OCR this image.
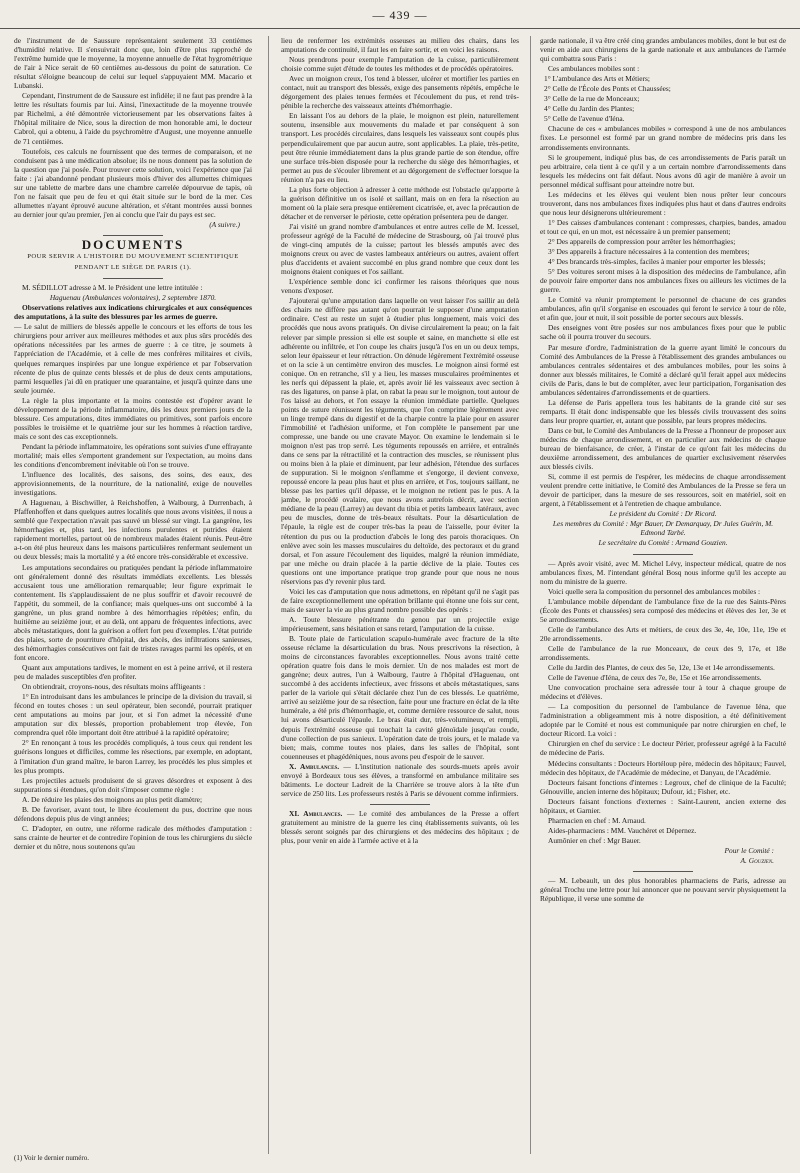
— 439 —

de l'instrument de de Saussure représentaient seulement 33 centièmes d'humidité relative. Il s'ensuivrait donc que, loin d'être plus rapproché de l'extrême humide que le moyenne, la moyenne annuelle de l'état hygrométrique de l'air à Nice serait de 60 centièmes au-dessous du point de saturation. Ce résultat s'éloigne beaucoup de celui sur lequel s'appuyaient MM. Macario et Lubanski.

Cependant, l'instrument de de Saussure est infidèle; il ne faut pas prendre à la lettre les résultats fournis par lui. Ainsi, l'inexactitude de la moyenne trouvée par Richelmi, a été démontrée victorieusement par les observations faites à l'hôpital militaire de Nice, sous la direction de mon honorable ami, le docteur Cabrol, qui a obtenu, à l'aide du psychromètre d'August, une moyenne annuelle de 71 centièmes.

Toutefois, ces calculs ne fournissent que des termes de comparaison, et ne conduisent pas à une médication absolue; ils ne nous donnent pas la solution de la question que j'ai posée. Pour trouver cette solution, voici l'expérience que j'ai faite : j'ai abandonné pendant plusieurs mois d'hiver des allumettes chimiques sur une tablette de marbre dans une chambre carrelée dépourvue de tapis, où l'on ne faisait que peu de feu et qui était située sur le bord de la mer. Ces allumettes n'ayant éprouvé aucune altération, et s'étant montrées aussi bonnes au dernier jour qu'au premier, j'en ai conclu que l'air du pays est sec.

(A suivre.)

DOCUMENTS
POUR SERVIR A L'HISTOIRE DU MOUVEMENT SCIENTIFIQUE
PENDANT LE SIÈGE DE PARIS (1).

M. SÉDILLOT adresse à M. le Président une lettre intitulée :

Haguenau (Ambulances volontaires), 2 septembre 1870.

Observations relatives aux indications chirurgicales et aux conséquences des amputations, à la suite des blessures par les armes de guerre.

— Le salut de milliers de blessés appelle le concours et les efforts de tous les chirurgiens pour arriver aux meilleures méthodes et aux plus sûrs procédés des opérations nécessitées par les armes de guerre : à ce titre, je soumets à l'appréciation de l'Académie, et à celle de mes confrères militaires et civils, quelques remarques inspirées par une longue expérience et par l'observation récente de plus de quinze cents blessés et de plus de deux cents amputations, parmi lesquelles j'ai dû en pratiquer une quarantaine, et jusqu'à quinze dans une seule journée.

La règle la plus importante et la moins contestée est d'opérer avant le développement de la période inflammatoire, dès les deux premiers jours de la blessure. Ces amputations, dites immédiates ou primitives, sont parfois encore possibles le troisième et le quatrième jour sur les hommes à réaction tardive, mais ce sont des cas exceptionnels.

Pendant la période inflammatoire, les opérations sont suivies d'une effrayante mortalité; mais elles s'emportent grandement sur l'expectation, au moins dans les conditions d'encombrement inévitable où l'on se trouve.

L'influence des localités, des saisons, des soins, des eaux, des approvisionnements, de la nourriture, de la nationalité, exige de nouvelles investigations.

A Haguenau, à Bischwiller, à Reichshoffen, à Walbourg, à Durrenbach, à Pfaffenhoffen et dans quelques autres localités que nous avons visitées, il nous a semblé que l'expectation n'avait pas sauvé un blessé sur vingt. La gangrène, les hémorrhagies et, plus tard, les infections purulentes et putrides étaient rapidement mortelles, partout où de nombreux malades étaient réunis. Peut-être a-t-on été plus heureux dans les maisons particulières renfermant seulement un ou deux blessés; mais la mortalité y a été encore très-considérable et excessive.

Les amputations secondaires ou pratiquées pendant la période inflammatoire ont généralement donné des résultats immédiats excellents. Les blessés accusaient tous une amélioration remarquable; leur figure exprimait le contentement. Ils s'applaudissaient de ne plus souffrir et d'avoir recouvré de l'appétit, du sommeil, de la confiance; mais quelques-uns ont succombé à la gangrène, un plus grand nombre à des hémorrhagies répétées; enfin, du huitième au seizième jour, et au delà, ont apparu de fréquentes infections, avec abcès métastatiques, dont la guérison a offert fort peu d'exemples. L'état putride des plaies, sorte de pourriture d'hôpital, des abcès, des infiltrations sanieuses, des hémorrhagies consécutives ont fait de tristes ravages parmi les opérés, et en font encore.

Quant aux amputations tardives, le moment en est à peine arrivé, et il restera peu de malades susceptibles d'en profiter.

On obtiendrait, croyons-nous, des résultats moins affligeants :

1° En introduisant dans les ambulances le principe de la division du travail, si fécond en toutes choses : un seul opérateur, bien secondé, pourrait pratiquer cent amputations au moins par jour, et si l'on admet la nécessité d'une amputation sur dix blessés, proportion probablement trop élevée, l'on comprendra quel rôle important doit être attribué à la rapidité opératoire;

2° En renonçant à tous les procédés compliqués, à tous ceux qui rendent les guérisons longues et difficiles, comme les résections, par exemple, en adoptant, à l'imitation d'un grand maître, le baron Larrey, les procédés les plus simples et les plus prompts.

Les projectiles actuels produisent de si graves désordres et exposent à des suppurations si étendues, qu'on doit s'imposer comme règle :

A. De réduire les plaies des moignons au plus petit diamètre;

B. De favoriser, avant tout, le libre écoulement du pus, doctrine que nous défendons depuis plus de vingt années;

C. D'adopter, en outre, une réforme radicale des méthodes d'amputation : sans crainte de heurter et de contredire l'opinion de tous les chirurgiens du siècle dernier et du nôtre, nous soutenons qu'au

(1) Voir le dernier numéro.

lieu de renfermer les extrémités osseuses au milieu des chairs, dans les amputations de continuité, il faut les en faire sortir, et en voici les raisons.

Nous prendrons pour exemple l'amputation de la cuisse, particulièrement choisie comme sujet d'étude de toutes les méthodes et de procédés opératoires.

Avec un moignon creux, l'os tend à blesser, ulcérer et mortifier les parties en contact, nuit au transport des blessés, exige des pansements répétés, empêche le dégorgement des plaies tenues fermées et l'écoulement du pus, et rend très-pénible la recherche des vaisseaux atteints d'hémorrhagie.

En laissant l'os au dehors de la plaie, le moignon est plein, naturellement soutenu, insensible aux mouvements du malade et par conséquent à son transport. Les procédés circulaires, dans lesquels les vaisseaux sont coupés plus perpendiculairement que par aucun autre, sont applicables. La plaie, très-petite, peut être réunie immédiatement dans la plus grande partie de son étendue, offre une surface très-bien disposée pour la recherche du siège des hémorrhagies, et permet au pus de s'écouler librement et au dégorgement de s'effectuer lorsque la réunion n'a pas eu lieu.

La plus forte objection à adresser à cette méthode est l'obstacle qu'apporte à la guérison définitive un os isolé et saillant, mais on en fera la résection au moment où la plaie sera presque entièrement cicatrisée, et, avec la précaution de détacher et de renverser le périoste, cette opération présentera peu de danger.

J'ai visité un grand nombre d'ambulances et entre autres celle de M. Icessel, professeur agrégé de la Faculté de médecine de Strasbourg, où j'ai trouvé plus de vingt-cinq amputés de la cuisse; partout les blessés amputés avec des moignons creux ou avec de vastes lambeaux antérieurs ou autres, avaient offert plus d'accidents et avaient succombé en plus grand nombre que ceux dont les moignons étaient coniques et l'os saillant.

L'expérience semble donc ici confirmer les raisons théoriques que nous venons d'exposer.

J'ajouterai qu'une amputation dans laquelle on veut laisser l'os saillir au delà des chairs ne diffère pas autant qu'on pourrait le supposer d'une amputation ordinaire. C'est au reste un sujet à étudier plus longuement, mais voici des procédés que nous avons pratiqués. On divise circulairement la peau; on la fait relever par simple pression si elle est souple et saine, en manchette si elle est adhérente ou infiltrée, et l'on coupe les chairs jusqu'à l'os en un ou deux temps, selon leur épaisseur et leur rétraction. On dénude légèrement l'extrémité osseuse et on la scie à un centimètre environ des muscles. Le moignon ainsi formé est conique. On en retranche, s'il y a lieu, les masses musculaires proéminentes et les nerfs qui dépassent la plaie, et, après avoir lié les vaisseaux avec section à ras des ligatures, on panse à plat, on rabat la peau sur le moignon, tout autour de l'os laissé au dehors, et l'on essaye la réunion immédiate partielle. Quelques points de suture réunissent les téguments, que l'on comprime légèrement avec un linge trempé dans du digestif et de la charpie contre la plaie pour en assurer l'immobilité et l'adhésion uniforme, et l'on complète le pansement par une compresse, une bande ou une cravate Mayor. On examine le lendemain si le moignon n'est pas trop serré. Les téguments repoussés en arrière, et entraînés dans ce sens par la rétractilité et la contraction des muscles, se réunissent plus ou moins bien à la plaie et diminuent, par leur adhésion, l'étendue des surfaces de suppuration. Si le moignon s'enflamme et s'engorge, il devient convexe, repoussé encore la peau plus haut et plus en arrière, et l'os, toujours saillant, ne blesse pas les parties qu'il dépasse, et le moignon ne retient pas le pus. A la jambe, le procédé ovalaire, que nous avons autrefois décrit, avec section médiane de la peau (Larrey) au devant du tibia et petits lambeaux latéraux, avec peu de muscles, donne de très-beaux résultats. Pour la désarticulation de l'épaule, la règle est de couper très-bas la peau de l'aisselle, pour éviter la rétention du pus ou la production d'abcès le long des parois thoraciques. On enlève avec soin les masses musculaires du deltoïde, des pectoraux et du grand dorsal, et l'on assure l'écoulement des liquides, malgré la réunion immédiate, par une mèche ou drain placée à la partie déclive de la plaie. Toutes ces questions ont une importance pratique trop grande pour que nous ne nous réservions pas d'y revenir plus tard.

Voici les cas d'amputation que nous admettons, en répétant qu'il ne s'agit pas de faire exceptionnellement une opération brillante qui étonne une fois sur cent, mais de sauver la vie au plus grand nombre possible des opérés :

A. Toute blessure pénétrante du genou par un projectile exige impérieusement, sans hésitation et sans retard, l'amputation de la cuisse.

B. Toute plaie de l'articulation scapulo-humérale avec fracture de la tête osseuse réclame la désarticulation du bras. Nous prescrivons la résection, à moins de circonstances favorables exceptionnelles. Nous avons traité cette opération quatre fois dans le mois dernier. Un de nos malades est mort de gangrène; deux autres, l'un à Walbourg, l'autre à l'hôpital d'Haguenau, ont succombé à des accidents infectieux, avec frissons et abcès métastatiques, sans parler de la variole qui s'était déclarée chez l'un de ces blessés. Le quatrième, arrivé au seizième jour de sa résection, faite pour une fracture en éclat de la tête humérale, a été pris d'hémorrhagie, et, comme dernière ressource de salut, nous lui avons désarticulé l'épaule. Le bras était dur, très-volumineux, et rempli, depuis l'extrémité osseuse qui touchait la cavité glénoïdale jusqu'au coude, d'une collection de pus sanieux. L'opération date de trois jours, et le malade va bien; mais, comme toutes nos plaies, dans les salles de l'hôpital, sont couenneuses et phagédéniques, nous avons peu d'espoir de le sauver.

X. Ambulances. — L'institution nationale des sourds-muets après avoir envoyé à Bordeaux tous ses élèves, a transformé en ambulance militaire ses bâtiments. Le docteur Ladreit de la Charrière se trouve alors à la tête d'un service de 250 lits. Les professeurs restés à Paris se dévouent comme infirmiers.

XI. Ambulances. — Le comité des ambulances de la Presse a offert gratuitement au ministre de la guerre les cinq établissements suivants, où les blessés seront soignés par des chirurgiens et des médecins des hôpitaux ; de plus, pour venir en aide à l'armée active et à la

garde nationale, il va être créé cinq grandes ambulances mobiles, dont le but est de venir en aide aux chirurgiens de la garde nationale et aux ambulances de l'armée qui combattra sous Paris :

Ces ambulances mobiles sont :

1° L'ambulance des Arts et Métiers;

2° Celle de l'École des Ponts et Chaussées;

3° Celle de la rue de Monceaux;

4° Celle du Jardin des Plantes;

5° Celle de l'avenue d'Iéna.

Chacune de ces « ambulances mobiles » correspond à une de nos ambulances fixes. Le personnel est formé par un grand nombre de médecins pris dans les arrondissements environnants.

Si le groupement, indiqué plus bas, de ces arrondissements de Paris paraît un peu arbitraire, cela tient à ce qu'il y a un certain nombre d'arrondissements dans lesquels les médecins ont fait défaut. Nous avons dû agir de manière à avoir un personnel médical suffisant pour atteindre notre but.

Les médecins et les élèves qui veulent bien nous prêter leur concours trouveront, dans nos ambulances fixes indiquées plus haut et dans d'autres endroits que nous leur désignerons ultérieurement :

1° Des caisses d'ambulances contenant : compresses, charpies, bandes, amadou et tout ce qui, en un mot, est nécessaire à un premier pansement;

2° Des appareils de compression pour arrêter les hémorrhagies;

3° Des appareils à fracture nécessaires à la contention des membres;

4° Des brancards très-simples, faciles à manier pour emporter les blessés;

5° Des voitures seront mises à la disposition des médecins de l'ambulance, afin de pouvoir faire emporter dans nos ambulances fixes ou ailleurs les victimes de la guerre.

Le Comité va réunir promptement le personnel de chacune de ces grandes ambulances, afin qu'il s'organise en escouades qui feront le service à tour de rôle, et afin que, jour et nuit, il soit possible de porter secours aux blessés.

Des enseignes vont être posées sur nos ambulances fixes pour que le public sache où il pourra trouver du secours.

Par mesure d'ordre, l'administration de la guerre ayant limité le concours du Comité des Ambulances de la Presse à l'établissement des grandes ambulances ou ambulances centrales sédentaires et des ambulances mobiles, pour les soins à donner aux blessés militaires, le Comité a déclaré qu'il ferait appel aux médecins civils de Paris, dans le but de compléter, avec leur participation, l'organisation des ambulances sédentaires d'arrondissements et de quartiers.

La défense de Paris appellera tous les habitants de la grande cité sur ses remparts. Il était donc indispensable que les blessés civils trouvassent des soins dans leur propre quartier, et, autant que possible, par leurs propres médecins.

Dans ce but, le Comité des Ambulances de la Presse a l'honneur de proposer aux médecins de chaque arrondissement, et en particulier aux médecins de chaque bureau de bienfaisance, de créer, à l'instar de ce qu'ont fait les médecins du deuxième arrondissement, des ambulances de quartier exclusivement réservées aux blessés civils.

Si, comme il est permis de l'espérer, les médecins de chaque arrondissement veulent prendre cette initiative, le Comité des Ambulances de la Presse se fera un devoir de participer, dans la mesure de ses ressources, soit en matériel, soit en argent, à l'établissement et à l'entretien de chaque ambulance.

Le président du Comité : Dr Ricord.

Les membres du Comité : Mgr Bauer, Dr Demarquay, Dr Jules Guérin, M. Edmond Tarbé.

Le secrétaire du Comité : Armand Gouzien.

— Après avoir visité, avec M. Michel Lévy, inspecteur médical, quatre de nos ambulances fixes, M. l'intendant général Bosq nous informe qu'il les accepte au nom du ministre de la guerre.

Voici quelle sera la composition du personnel des ambulances mobiles :

L'ambulance mobile dépendant de l'ambulance fixe de la rue des Saints-Pères (École des Ponts et chaussées) sera composé des médecins et élèves des 1er, 3e et 5e arrondissements.

Celle de l'ambulance des Arts et métiers, de ceux des 3e, 4e, 10e, 11e, 19e et 20e arrondissements.

Celle de l'ambulance de la rue Monceaux, de ceux des 9, 17e, et 18e arrondissements.

Celle du Jardin des Plantes, de ceux des 5e, 12e, 13e et 14e arrondissements.

Celle de l'avenue d'Iéna, de ceux des 7e, 8e, 15e et 16e arrondissements.

Une convocation prochaine sera adressée tour à tour à chaque groupe de médecins et d'élèves.

— La composition du personnel de l'ambulance de l'avenue Iéna, que l'administration a obligeamment mis à notre disposition, a été définitivement adoptée par le Comité et nous est communiquée par notre chirurgien en chef, le docteur Ricord. La voici :

Chirurgien en chef du service : Le docteur Périer, professeur agrégé à la Faculté de médecine de Paris.

Médecins consultants : Docteurs Hortéloup père, médecin des hôpitaux; Fauvel, médecin des hôpitaux, de l'Académie de médecine, et Danyau, de l'Académie.

Docteurs faisant fonctions d'internes : Legroux, chef de clinique de la Faculté; Génouville, ancien interne des hôpitaux; Dufour, id.; Fisher, etc.

Docteurs faisant fonctions d'externes : Saint-Laurent, ancien externe des hôpitaux, et Garnier.

Pharmacien en chef : M. Arnaud.

Aides-pharmaciens : MM. Vauchéret et Dépernez.

Aumônier en chef : Mgr Bauer.

Pour le Comité :

A. Gouzien.

— M. Lebeault, un des plus honorables pharmaciens de Paris, adresse au général Trochu une lettre pour lui annoncer que ne pouvant servir physiquement la République, il verse une somme de
